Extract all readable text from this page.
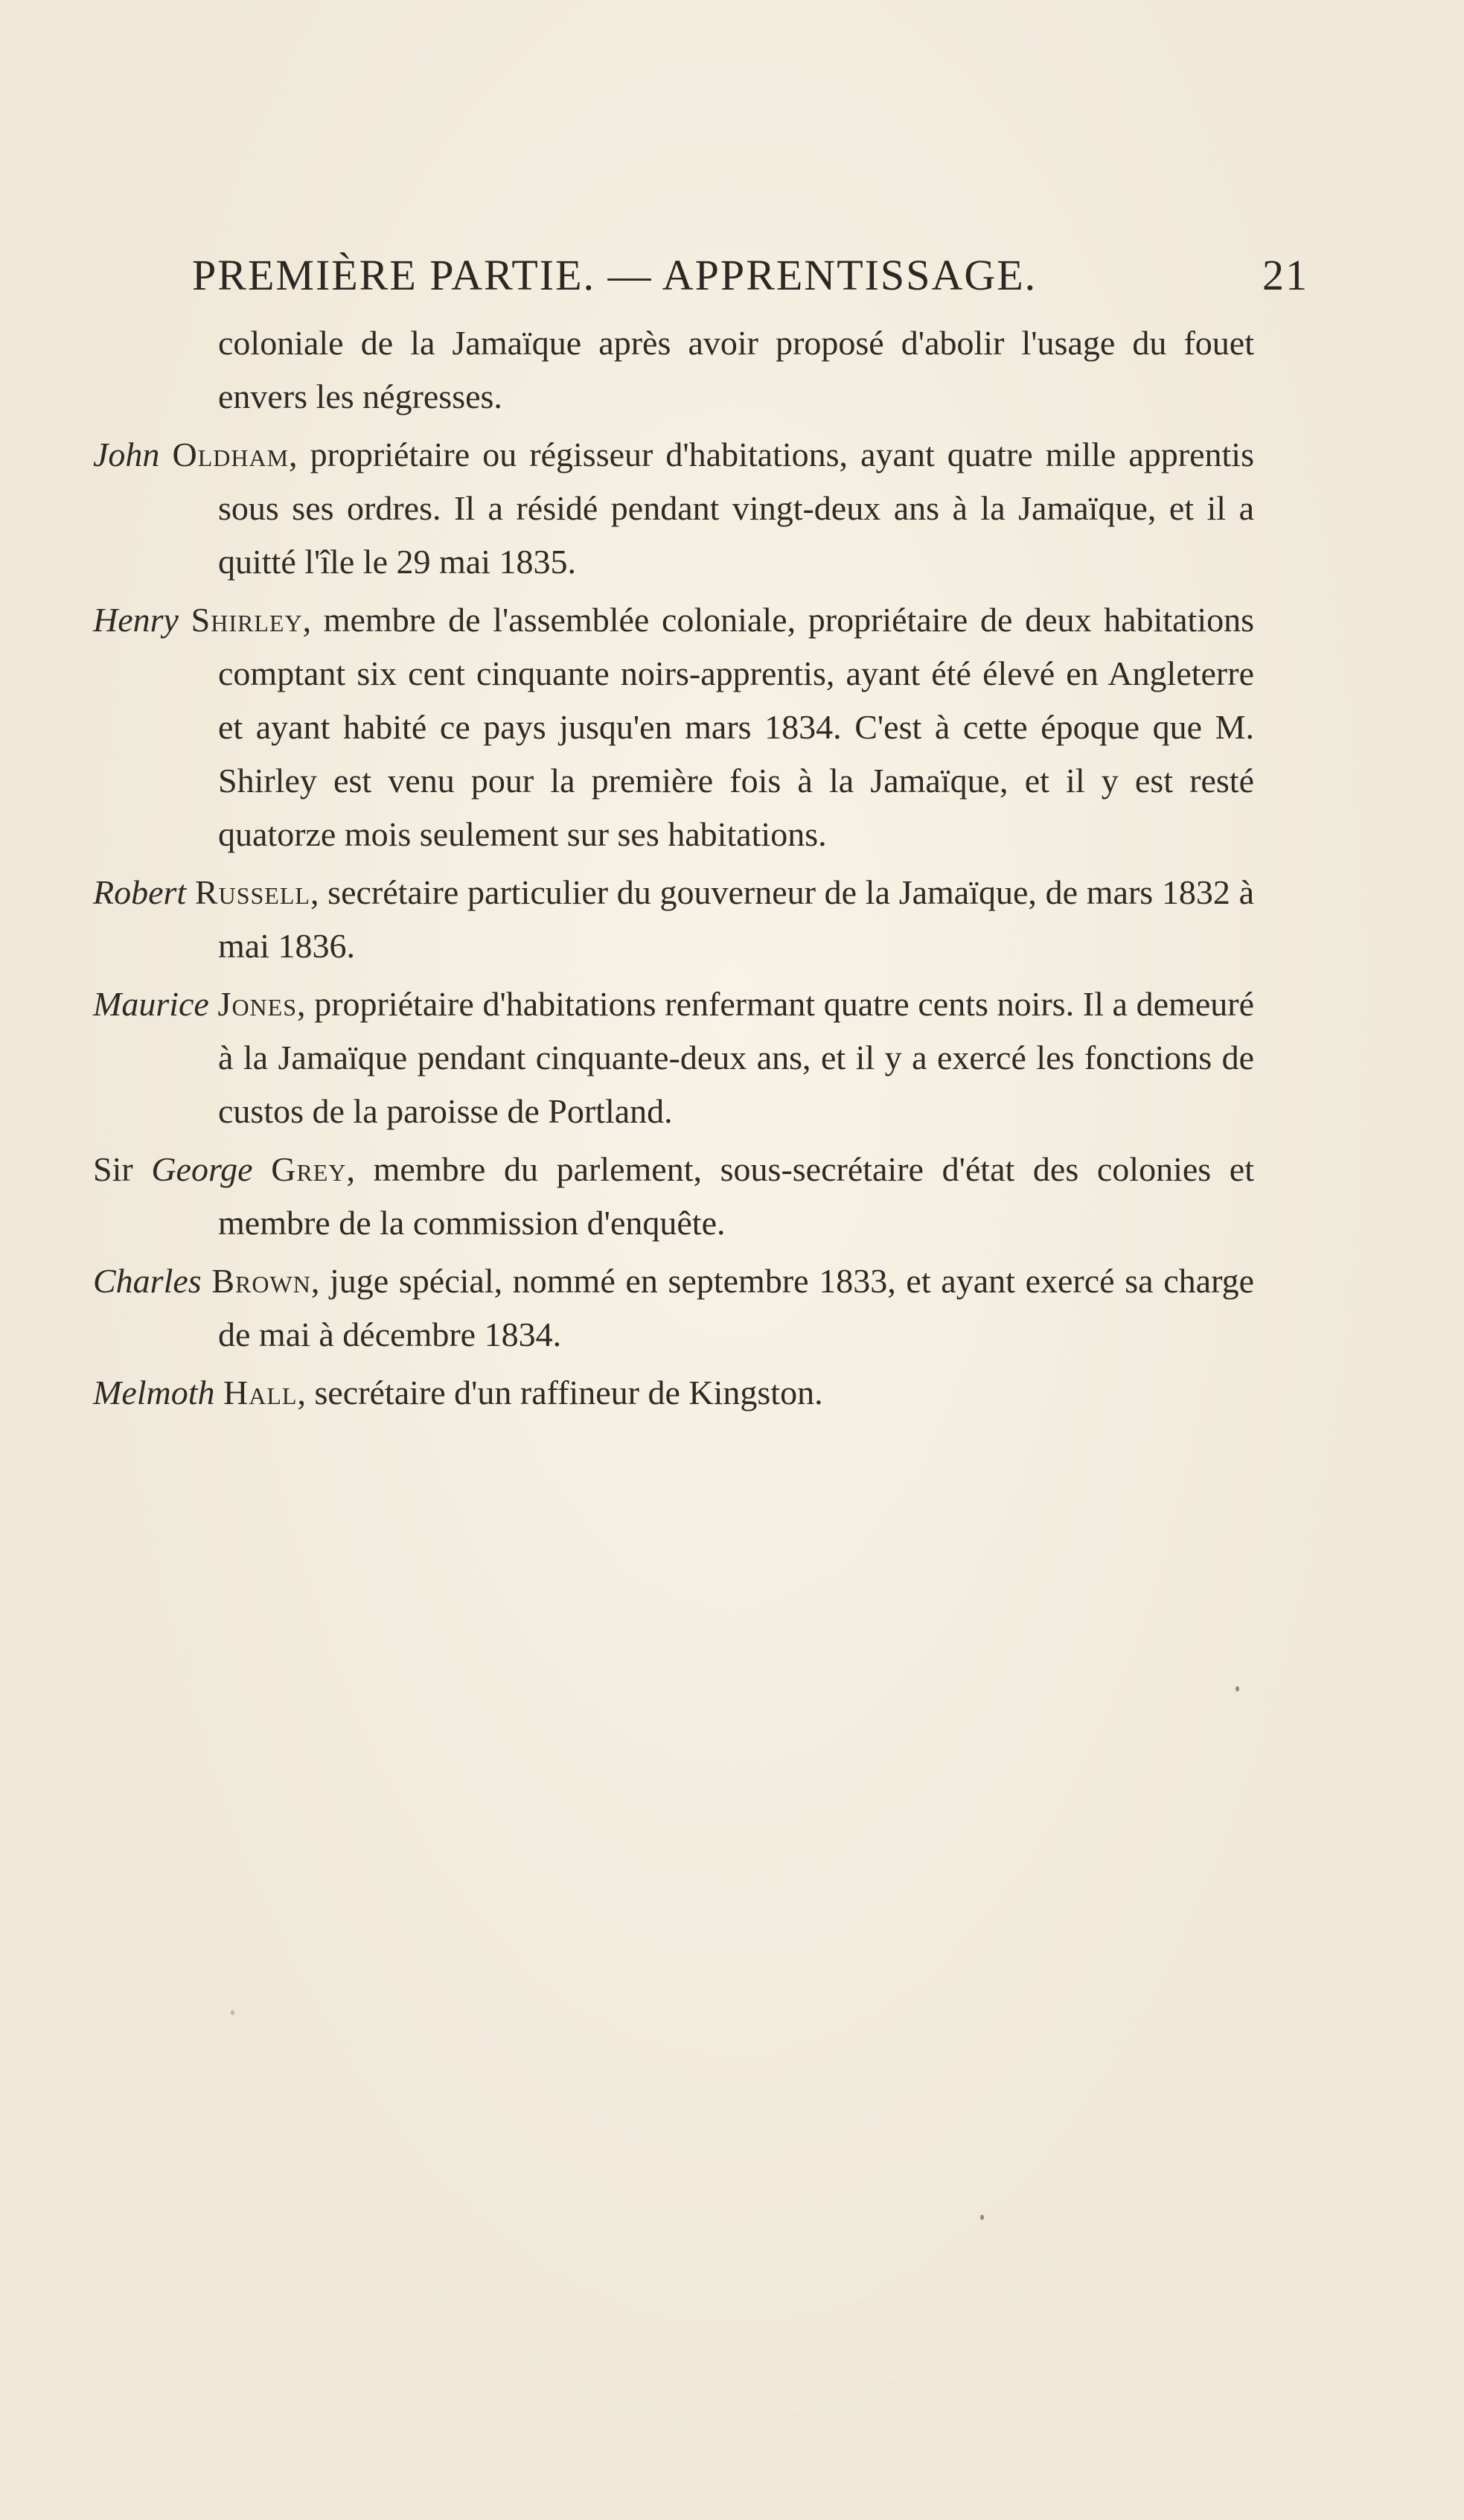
PREMIÈRE PARTIE. — APPRENTISSAGE.	21

coloniale de la Jamaïque après avoir proposé d'abolir l'usage du fouet envers les négresses.

John Oldham, propriétaire ou régisseur d'habitations, ayant quatre mille apprentis sous ses ordres. Il a résidé pendant vingt-deux ans à la Jamaïque, et il a quitté l'île le 29 mai 1835.

Henry Shirley, membre de l'assemblée coloniale, propriétaire de deux habitations comptant six cent cinquante noirs-apprentis, ayant été élevé en Angleterre et ayant habité ce pays jusqu'en mars 1834. C'est à cette époque que M. Shirley est venu pour la première fois à la Jamaïque, et il y est resté quatorze mois seulement sur ses habitations.

Robert Russell, secrétaire particulier du gouverneur de la Jamaïque, de mars 1832 à mai 1836.

Maurice Jones, propriétaire d'habitations renfermant quatre cents noirs. Il a demeuré à la Jamaïque pendant cinquante-deux ans, et il y a exercé les fonctions de custos de la paroisse de Portland.

Sir George Grey, membre du parlement, sous-secrétaire d'état des colonies et membre de la commission d'enquête.

Charles Brown, juge spécial, nommé en septembre 1833, et ayant exercé sa charge de mai à décembre 1834.

Melmoth Hall, secrétaire d'un raffineur de Kingston.
